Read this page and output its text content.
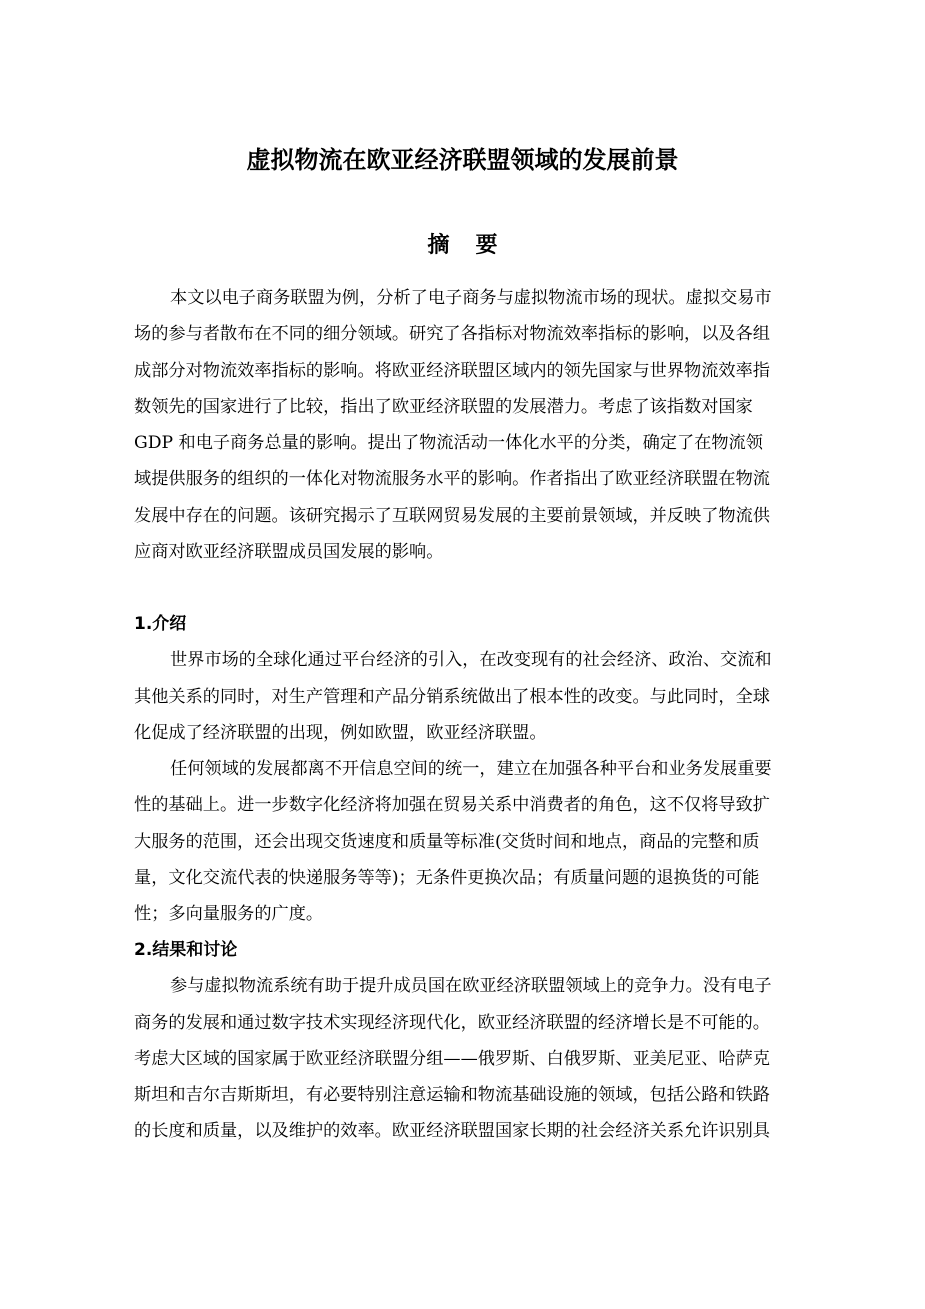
虚拟物流在欧亚经济联盟领域的发展前景
摘要
本文以电子商务联盟为例，分析了电子商务与虚拟物流市场的现状。虚拟交易市
场的参与者散布在不同的细分领域。研究了各指标对物流效率指标的影响，以及各组
成部分对物流效率指标的影响。将欧亚经济联盟区域内的领先国家与世界物流效率指
数领先的国家进行了比较，指出了欧亚经济联盟的发展潜力。考虑了该指数对国家
GDP 和电子商务总量的影响。提出了物流活动一体化水平的分类，确定了在物流领
域提供服务的组织的一体化对物流服务水平的影响。作者指出了欧亚经济联盟在物流
发展中存在的问题。该研究揭示了互联网贸易发展的主要前景领域，并反映了物流供
应商对欧亚经济联盟成员国发展的影响。
1.介绍
世界市场的全球化通过平台经济的引入，在改变现有的社会经济、政治、交流和
其他关系的同时，对生产管理和产品分销系统做出了根本性的改变。与此同时，全球
化促成了经济联盟的出现，例如欧盟，欧亚经济联盟。
任何领域的发展都离不开信息空间的统一，建立在加强各种平台和业务发展重要
性的基础上。进一步数字化经济将加强在贸易关系中消费者的角色，这不仅将导致扩
大服务的范围，还会出现交货速度和质量等标准(交货时间和地点，商品的完整和质
量，文化交流代表的快递服务等等)；无条件更换次品；有质量问题的退换货的可能
性；多向量服务的广度。
2.结果和讨论
参与虚拟物流系统有助于提升成员国在欧亚经济联盟领域上的竞争力。没有电子
商务的发展和通过数字技术实现经济现代化，欧亚经济联盟的经济增长是不可能的。
考虑大区域的国家属于欧亚经济联盟分组——俄罗斯、白俄罗斯、亚美尼亚、哈萨克
斯坦和吉尔吉斯斯坦，有必要特别注意运输和物流基础设施的领域，包括公路和铁路
的长度和质量，以及维护的效率。欧亚经济联盟国家长期的社会经济关系允许识别具
